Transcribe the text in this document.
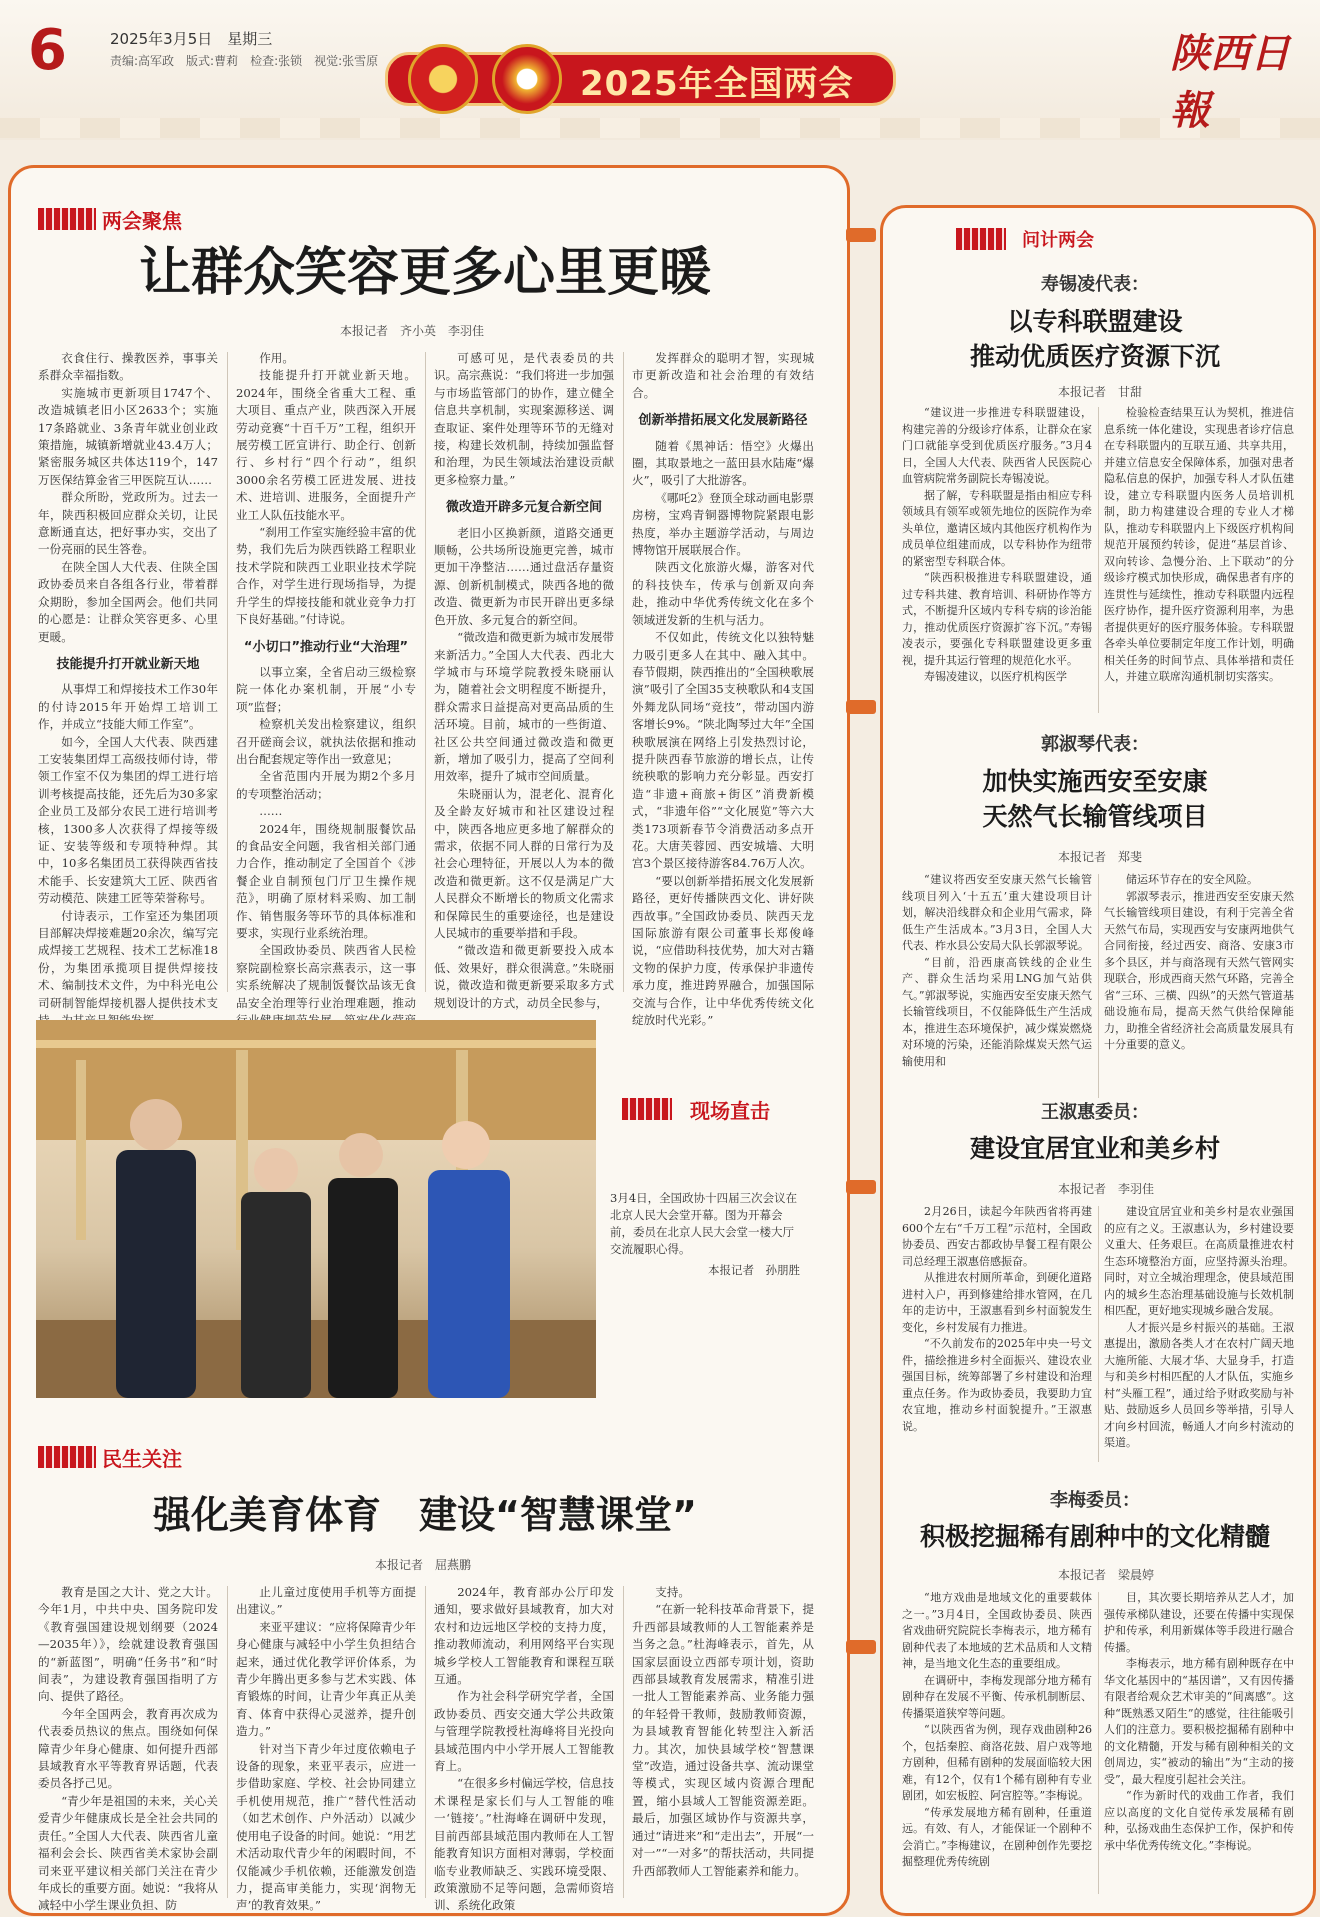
6	2025年3月5日　星期三
责编:高军政　版式:曹莉　检查:张锁　视觉:张雪原
2025年全国两会
陕西日報
两会聚焦
让群众笑容更多心里更暖
本报记者　齐小英　李羽佳

衣食住行、操教医养，事事关系群众幸福指数。

实施城市更新项目1747个、改造城镇老旧小区2633个；实施17条路就业、3条青年就业创业政策措施，城镇新增就业43.4万人；紧密服务城区共体达119个，147万医保结算金省三甲医院互认……

群众所盼，党政所为。过去一年，陕西积极回应群众关切，让民意断通直达，把好事办实，交出了一份亮丽的民生答卷。

在陕全国人大代表、住陕全国政协委员来自各组各行业，带着群众期盼，参加全国两会。他们共同的心愿是：让群众笑容更多、心里更暖。

技能提升打开就业新天地

从事焊工和焊接技术工作30年的付诗2015年开始焊工培训工作，并成立“技能大师工作室”。

如今，全国人大代表、陕西建工安装集团焊工高级技师付诗，带领工作室不仅为集团的焊工进行培训考核提高技能，还先后为30多家企业员工及部分农民工进行培训考核，1300多人次获得了焊接等级证、安装等级和专项特种焊。其中，10多名集团员工获得陕西省技术能手、长安建筑大工匠、陕西省劳动模范、陕建工匠等荣誉称号。

付诗表示，工作室还为集团项目部解决焊接难题20余次，编写完成焊接工艺规程、技术工艺标准18份，为集团承揽项目提供焊接技术、编制技术文件，为中科光电公司研制智能焊接机器人提供技术支

作用。

技能提升打开就业新天地。2024年，围绕全省重大工程、重大项目、重点产业，陕西深入开展劳动竞赛“十百千万”工程，组织开展劳模工匠宣讲行、助企行、创新行、乡村行“四个行动”，组织3000余名劳模工匠进发展、进技术、进培训、进服务，全面提升产业工人队伍技能水平。

“刹用工作室实施经验丰富的优势，我们先后为陕西铁路工程职业技术学院和陕西工业职业技术学院合作，对学生进行现场指导，为提升学生的焊接技能和就业竞争力打下良好基础。”付诗说。

“小切口”推动行业“大治理”

以事立案，全省启动三级检察院一体化办案机制，开展“小专项”监督；

检察机关发出检察建议，组织召开磋商会议，就执法依据和推动出台配套规定等作出一致意见；

全省范围内开展为期2个多月的专项整治活动；

……

2024年，围绕规制服餐饮品的食品安全问题，我省相关部门通力合作，推动制定了全国首个《涉餐企业自制预包门厅卫生操作规范》，明确了原材料采购、加工制作、销售服务等环节的具体标准和要求，实现行业系统治理。

全国政协委员、陕西省人民检察院副检察长高宗燕表示，这一事实系统解决了规制饭餐饮品该无食品安全治理等行业治理难题，推动

可感可见，是代表委员的共识。高宗燕说：“我们将进一步加强与市场监管部门的协作，建立健全信息共享机制，实现案源移送、调查取证、案件处理等环节的无缝对接，构建长效机制，持续加强监督和治理，为民生领域法治建设贡献更多检察力量。”

微改造开辟多元复合新空间

老旧小区换新颜，道路交通更顺畅，公共场所设施更完善，城市更加干净整洁……通过盘活存量资源、创新机制模式，陕西各地的微改造、微更新为市民开辟出更多绿色开放、多元复合的新空间。

“微改造和微更新为城市发展带来新活力。”全国人大代表、西北大学城市与环境学院教授朱晓丽认为，随着社会文明程度不断提升，群众需求日益提高对更高品质的生活环境。目前，城市的一些街道、社区公共空间通过微改造和微更新，增加了吸引力，提高了空间利用效率，提升了城市空间质量。

朱晓丽认为，混老化、混育化及全龄友好城市和社区建设过程中，陕西各地应更多地了解群众的需求，依据不同人群的日常行为及社会心理特征，开展以人为本的微改造和微更新。这不仅是满足广大人民群众不断增长的物质文化需求和保障民生的重要途径，也是建设人民城市的重要举措和手段。

“微改造和微更新要投入成本低、效果好，群众很满意。”朱晓丽说，微改造和微更新要采取多方式规划设计的方式，动员全民参与，

发挥群众的聪明才智，实现城市更新改造和社会治理的有效结合。

创新举措拓展文化发展新路径

随着《黑神话：悟空》火爆出圈，其取景地之一蓝田县水陆庵“爆火”，吸引了大批游客。

《哪吒2》登顶全球动画电影票房榜，宝鸡青铜器博物院紧跟电影热度，举办主题游学活动，与周边博物馆开展联展合作。

陕西文化旅游火爆，游客对代的科技快车，传承与创新双向奔赴，推动中华优秀传统文化在多个领域迸发新的生机与活力。

不仅如此，传统文化以独特魅力吸引更多人在其中、融入其中。春节假期，陕西推出的“全国秧歌展演”吸引了全国35支秧歌队和4支国外舞龙队同场“竞技”，带动国内游客增长9%。“陕北陶琴过大年”全国秧歌展演在网络上引发热烈讨论，提升陕西春节旅游的增长点，让传统秧歌的影响力充分彰显。西安打造“非遗+商旅+街区”消费新模式，“非遗年俗”“文化展览”等六大类173项新春节令消费活动多点开花。大唐芙蓉园、西安城墙、大明宫3个景区接待游客84.76万人次。

“要以创新举措拓展文化发展新路径，更好传播陕西文化、讲好陕西故事。”全国政协委员、陕西天龙国际旅游有限公司董事长郑俊峰说，“应借助科技优势，加大对古籍文物的保护力度，传承保护非遗传承力度，推进跨界融合，加强国际交流与合作，让中华优秀传统文化绽放时代光彩。”

现场直击
3月4日，全国政协十四届三次会议在北京人民大会堂开幕。图为开幕会前，委员在北京人民大会堂一楼大厅交流履职心得。
本报记者　孙朋胜
民生关注
强化美育体育　建设“智慧课堂”
本报记者　屈燕鹏

教育是国之大计、党之大计。今年1月，中共中央、国务院印发《教育强国建设规划纲要（2024—2035年）》，绘就建设教育强国的“新蓝图”，明确“任务书”和“时间表”，为建设教育强国指明了方向、提供了路径。

今年全国两会，教育再次成为代表委员热议的焦点。围绕如何保障青少年身心健康、如何提升西部县域教育水平等教育界话题，代表委员各抒己见。

“青少年是祖国的未来，关心关爱青少年健康成长是全社会共同的责任。”全国人大代表、陕西省儿童福利会会长、陕西省美术家协会副司来亚平建议相关部门关注在青少年成长的重要方面。她说：“我将从减轻中小学生课业负担、防

止儿童过度使用手机等方面提出建议。”

来亚平建议：“应将保障青少年身心健康与减轻中小学生负担结合起来，通过优化教学评价体系，为青少年腾出更多参与艺术实践、体育锻炼的时间，让青少年真正从美育、体育中获得心灵滋养，提升创造力。”

针对当下青少年过度依赖电子设备的现象，来亚平表示，应进一步借助家庭、学校、社会协同建立手机使用规范，推广“替代性活动（如艺术创作、户外活动）以减少使用电子设备的时间。她说：“用艺术活动取代青少年的闲暇时间，不仅能减少手机依赖，还能激发创造力，提高审美能力，实现‘润物无声’的教育效果。”

2024年，教育部办公厅印发通知，要求做好县域教育，加大对农村和边远地区学校的支持力度，推动教师流动，利用网络平台实现城乡学校人工智能教育和课程互联互通。

作为社会科学研究学者，全国政协委员、西安交通大学公共政策与管理学院教授杜海峰将目光投向县域范围内中小学开展人工智能教育上。

“在很多乡村偏远学校，信息技术课程是家长们与人工智能的唯一‘链接’。”杜海峰在调研中发现，目前西部县域范围内教师在人工智能教育知识方面相对薄弱，学校面临专业教师缺乏、实践环境受限、政策激励不足等问题，急需师资培训、系统化政策

支持。

“在新一轮科技革命背景下，提升西部县域教师的人工智能素养是当务之急。”杜海峰表示，首先，从国家层面设立西部专项计划，资助西部县域教育发展需求，精准引进一批人工智能素养高、业务能力强的年轻骨干教师，鼓励教师资源，为县域教育智能化转型注入新活力。其次，加快县域学校“智慧课堂”改造，通过设备共享、流动课堂等模式，实现区域内资源合理配置，缩小县域人工智能资源差距。最后，加强区域协作与资源共享，通过“请进来”和“走出去”，开展“一对一”“一对多”的帮扶活动，共同提升西部教师人工智能素养和能力。

问计两会
寿锡凌代表：
以专科联盟建设
推动优质医疗资源下沉
本报记者　甘甜

“建议进一步推进专科联盟建设，构建完善的分级诊疗体系，让群众在家门口就能享受到优质医疗服务。”3月4日，全国人大代表、陕西省人民医院心血管病院常务副院长寿锡凌说。

据了解，专科联盟是指由相应专科领域具有领军或领先地位的医院作为牵头单位，邀请区域内其他医疗机构作为成员单位组建而成，以专科协作为纽带的紧密型专科联合体。

“陕西积极推进专科联盟建设，通过专科共建、教育培训、科研协作等方式，不断提升区域内专科专病的诊治能力，推动优质医疗资源扩容下沉。”寿锡凌表示，要强化专科联盟建设更多重视，提升其运行管理的规范化水平。

寿锡凌建议，以医疗机构医学

检验检查结果互认为契机，推进信息系统一体化建设，实现患者诊疗信息在专科联盟内的互联互通、共享共用，并建立信息安全保障体系，加强对患者隐私信息的保护，加强专科人才队伍建设，建立专科联盟内医务人员培训机制，助力构建建设合理的专业人才梯队，推动专科联盟内上下级医疗机构间规范开展预约转诊，促进“基层首诊、双向转诊、急慢分治、上下联动”的分级诊疗模式加快形成，确保患者有序的连贯性与延续性，推动专科联盟内远程医疗协作，提升医疗资源利用率，为患者提供更好的医疗服务体验。专科联盟各牵头单位要制定年度工作计划，明确相关任务的时间节点、具体举措和责任人，并建立联席沟通机制切实落实。

郭淑琴代表：
加快实施西安至安康
天然气长输管线项目
本报记者　郑斐

“建议将西安至安康天然气长输管线项目列入‘十五五’重大建设项目计划，解决沿线群众和企业用气需求，降低生产生活成本。”3月3日，全国人大代表、柞水县公安局大队长郭淑琴说。

“目前，沿西康高铁线的企业生产、群众生活均采用LNG加气站供气。”郭淑琴说，实施西安至安康天然气长输管线项目，不仅能降低生产生活成本，推进生态环境保护，减少煤炭燃烧对环境的污染，还能消除煤炭天然气运输使用和

储运环节存在的安全风险。

郭淑琴表示，推进西安至安康天然气长输管线项目建设，有利于完善全省天然气布局，实现西安与安康两地供气合同衔接，经过西安、商洛、安康3市多个县区，并与商洛现有天然气管网实现联合，形成西商天然气环路，完善全省“三环、三横、四纵”的天然气管道基础设施布局，提高天然气供给保障能力，助推全省经济社会高质量发展具有十分重要的意义。

王淑惠委员：
建设宜居宜业和美乡村
本报记者　李羽佳

2月26日，读起今年陕西省将再建600个左右“千万工程”示范村，全国政协委员、西安古都政协旱餐工程有限公司总经理王淑惠倍感振奋。

从推进农村厕所革命，到硬化道路进村入户，再到修建给排水管网，在几年的走访中，王淑惠看到乡村面貌发生变化，乡村发展有力推进。

“不久前发布的2025年中央一号文件，描绘推进乡村全面振兴、建设农业强国目标，统筹部署了乡村建设和治理重点任务。作为政协委员，我要助力宜农宜地，推动乡村面貌提升。”王淑惠说。

建设宜居宜业和美乡村是农业强国的应有之义。王淑惠认为，乡村建设要义重大、任务艰巨。在高质量推进农村生态环境整治方面，应坚持源头治理。同时，对立全城治理理念，使县域范围内的城乡生态治理基础设施与长效机制相匹配，更好地实现城乡融合发展。

人才振兴是乡村振兴的基础。王淑惠提出，激励各类人才在农村广阔天地大施所能、大展才华、大显身手，打造与和美乡村相匹配的人才队伍，实施乡村“头雁工程”，通过给予财政奖励与补贴、鼓励返乡人员回乡等举措，引导人才向乡村回流，畅通人才向乡村流动的渠道。

李梅委员：
积极挖掘稀有剧种中的文化精髓
本报记者　梁晨婷

“地方戏曲是地域文化的重要载体之一。”3月4日，全国政协委员、陕西省戏曲研究院院长李梅表示，地方稀有剧种代表了本地域的艺术品质和人文精神，是当地文化生态的重要组成。

在调研中，李梅发现部分地方稀有剧种存在发展不平衡、传承机制断层、传播渠道狭窄等问题。

“以陕西省为例，现存戏曲剧种26个，包括秦腔、商洛花鼓、眉户戏等地方剧种，但稀有剧种的发展面临较大困难，有12个，仅有1个稀有剧种有专业剧团，如宏板腔、阿宫腔等。”李梅说。

“传承发展地方稀有剧种，任重道远。有效、有人，才能保证一个剧种不会消亡。”李梅建议，在剧种创作先要挖掘整理优秀传统剧

目，其次要长期培养从艺人才，加强传承梯队建设，还要在传播中实现保护和传承，利用新媒体等手段进行融合传播。

李梅表示，地方稀有剧种既存在中华文化基因中的“基因谱”，又有因传播有限者给观众艺术审美的“间离感”。这种“既熟悉又陌生”的感觉，往往能吸引人们的注意力。要积极挖掘稀有剧种中的文化精髓，开发与稀有剧种相关的文创周边，实“被动的输出”为“主动的接受”，最大程度引起社会关注。

“作为新时代的戏曲工作者，我们应以高度的文化自觉传承发展稀有剧种，弘扬戏曲生态保护工作，保护和传承中华优秀传统文化。”李梅说。
